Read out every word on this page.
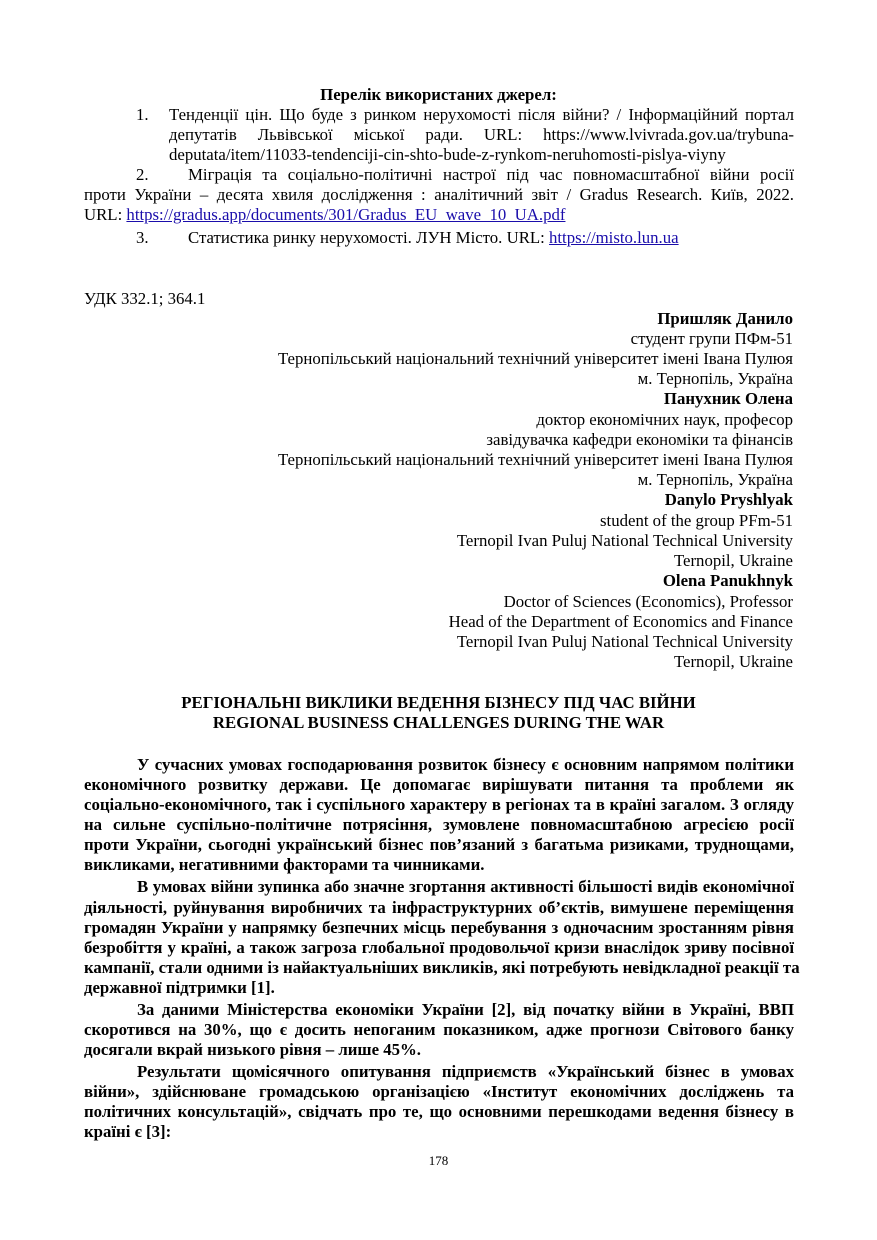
Перелік використаних джерел:
1. Тенденції цін. Що буде з ринком нерухомості після війни? / Інформаційний портал
депутатів Львівської міської ради. URL: https://www.lvivrada.gov.ua/trybuna-
deputata/item/11033-tendenciji-cin-shto-bude-z-rynkom-neruhomosti-pislya-viyny
2. Міграція та соціально-політичні настрої під час повномасштабної війни росії
проти України – десята хвиля дослідження : аналітичний звіт / Gradus Research. Київ, 2022.
URL: https://gradus.app/documents/301/Gradus_EU_wave_10_UA.pdf
3. Статистика ринку нерухомості. ЛУН Місто. URL: https://misto.lun.ua
УДК 332.1; 364.1
Пришляк Данило
студент групи ПФм-51
Тернопільський національний технічний університет імені Івана Пулюя
м. Тернопіль, Україна
Панухник Олена
доктор економічних наук, професор
завідувачка кафедри економіки та фінансів
Тернопільський національний технічний університет імені Івана Пулюя
м. Тернопіль, Україна
Danylo Pryshlyak
student of the group PFm-51
Ternopil Ivan Puluj National Technical University
Ternopil, Ukraine
Olena Panukhnyk
Doctor of Sciences (Economics), Professor
Head of the Department of Economics and Finance
Ternopil Ivan Puluj National Technical University
Ternopil, Ukraine
РЕГІОНАЛЬНІ ВИКЛИКИ ВЕДЕННЯ БІЗНЕСУ ПІД ЧАС ВІЙНИ
REGIONAL BUSINESS CHALLENGES DURING THE WAR
У сучасних умовах господарювання розвиток бізнесу є основним напрямом політики
економічного розвитку держави. Це допомагає вирішувати питання та проблеми як
соціально-економічного, так і суспільного характеру в регіонах та в країні загалом. З огляду
на сильне суспільно-політичне потрясіння, зумовлене повномасштабною агресією росії
проти України, сьогодні український бізнес пов’язаний з багатьма ризиками, труднощами,
викликами, негативними факторами та чинниками.
В умовах війни зупинка або значне згортання активності більшості видів економічної
діяльності, руйнування виробничих та інфраструктурних об’єктів, вимушене переміщення
громадян України у напрямку безпечних місць перебування з одночасним зростанням рівня
безробіття у країні, а також загроза глобальної продовольчої кризи внаслідок зриву посівної
кампанії, стали одними із найактуальніших викликів, які потребують невідкладної реакції та
державної підтримки [1].
За даними Міністерства економіки України [2], від початку війни в Україні, ВВП
скоротився на 30%, що є досить непоганим показником, адже прогнози Світового банку
досягали вкрай низького рівня – лише 45%.
Результати щомісячного опитування підприємств «Український бізнес в умовах
війни», здійснюване громадською організацією «Інститут економічних досліджень та
політичних консультацій», свідчать про те, що основними перешкодами ведення бізнесу в
країні є [3]:
178
